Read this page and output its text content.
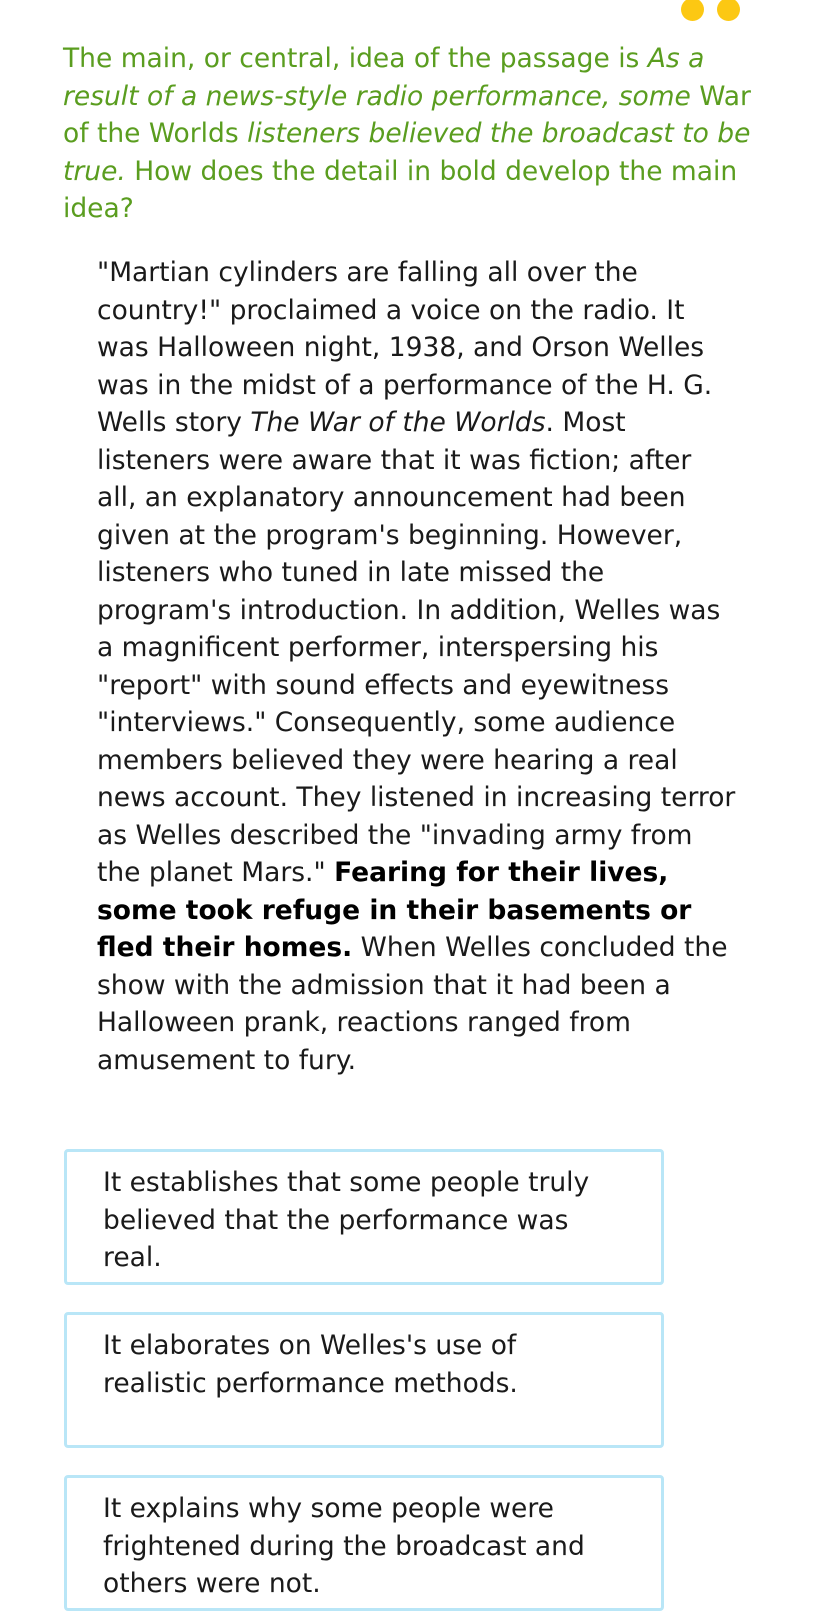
The main, or central, idea of the passage is As a result of a news-style radio performance, some War of the Worlds listeners believed the broadcast to be true. How does the detail in bold develop the main idea?

"Martian cylinders are falling all over the country!" proclaimed a voice on the radio. It was Halloween night, 1938, and Orson Welles was in the midst of a performance of the H. G. Wells story The War of the Worlds. Most listeners were aware that it was fiction; after all, an explanatory announcement had been given at the program's beginning. However, listeners who tuned in late missed the program's introduction. In addition, Welles was a magnificent performer, interspersing his "report" with sound effects and eyewitness "interviews." Consequently, some audience members believed they were hearing a real news account. They listened in increasing terror as Welles described the "invading army from the planet Mars." Fearing for their lives, some took refuge in their basements or fled their homes. When Welles concluded the show with the admission that it had been a Halloween prank, reactions ranged from amusement to fury.

It establishes that some people truly believed that the performance was real.
It elaborates on Welles's use of realistic performance methods.
It explains why some people were frightened during the broadcast and others were not.
